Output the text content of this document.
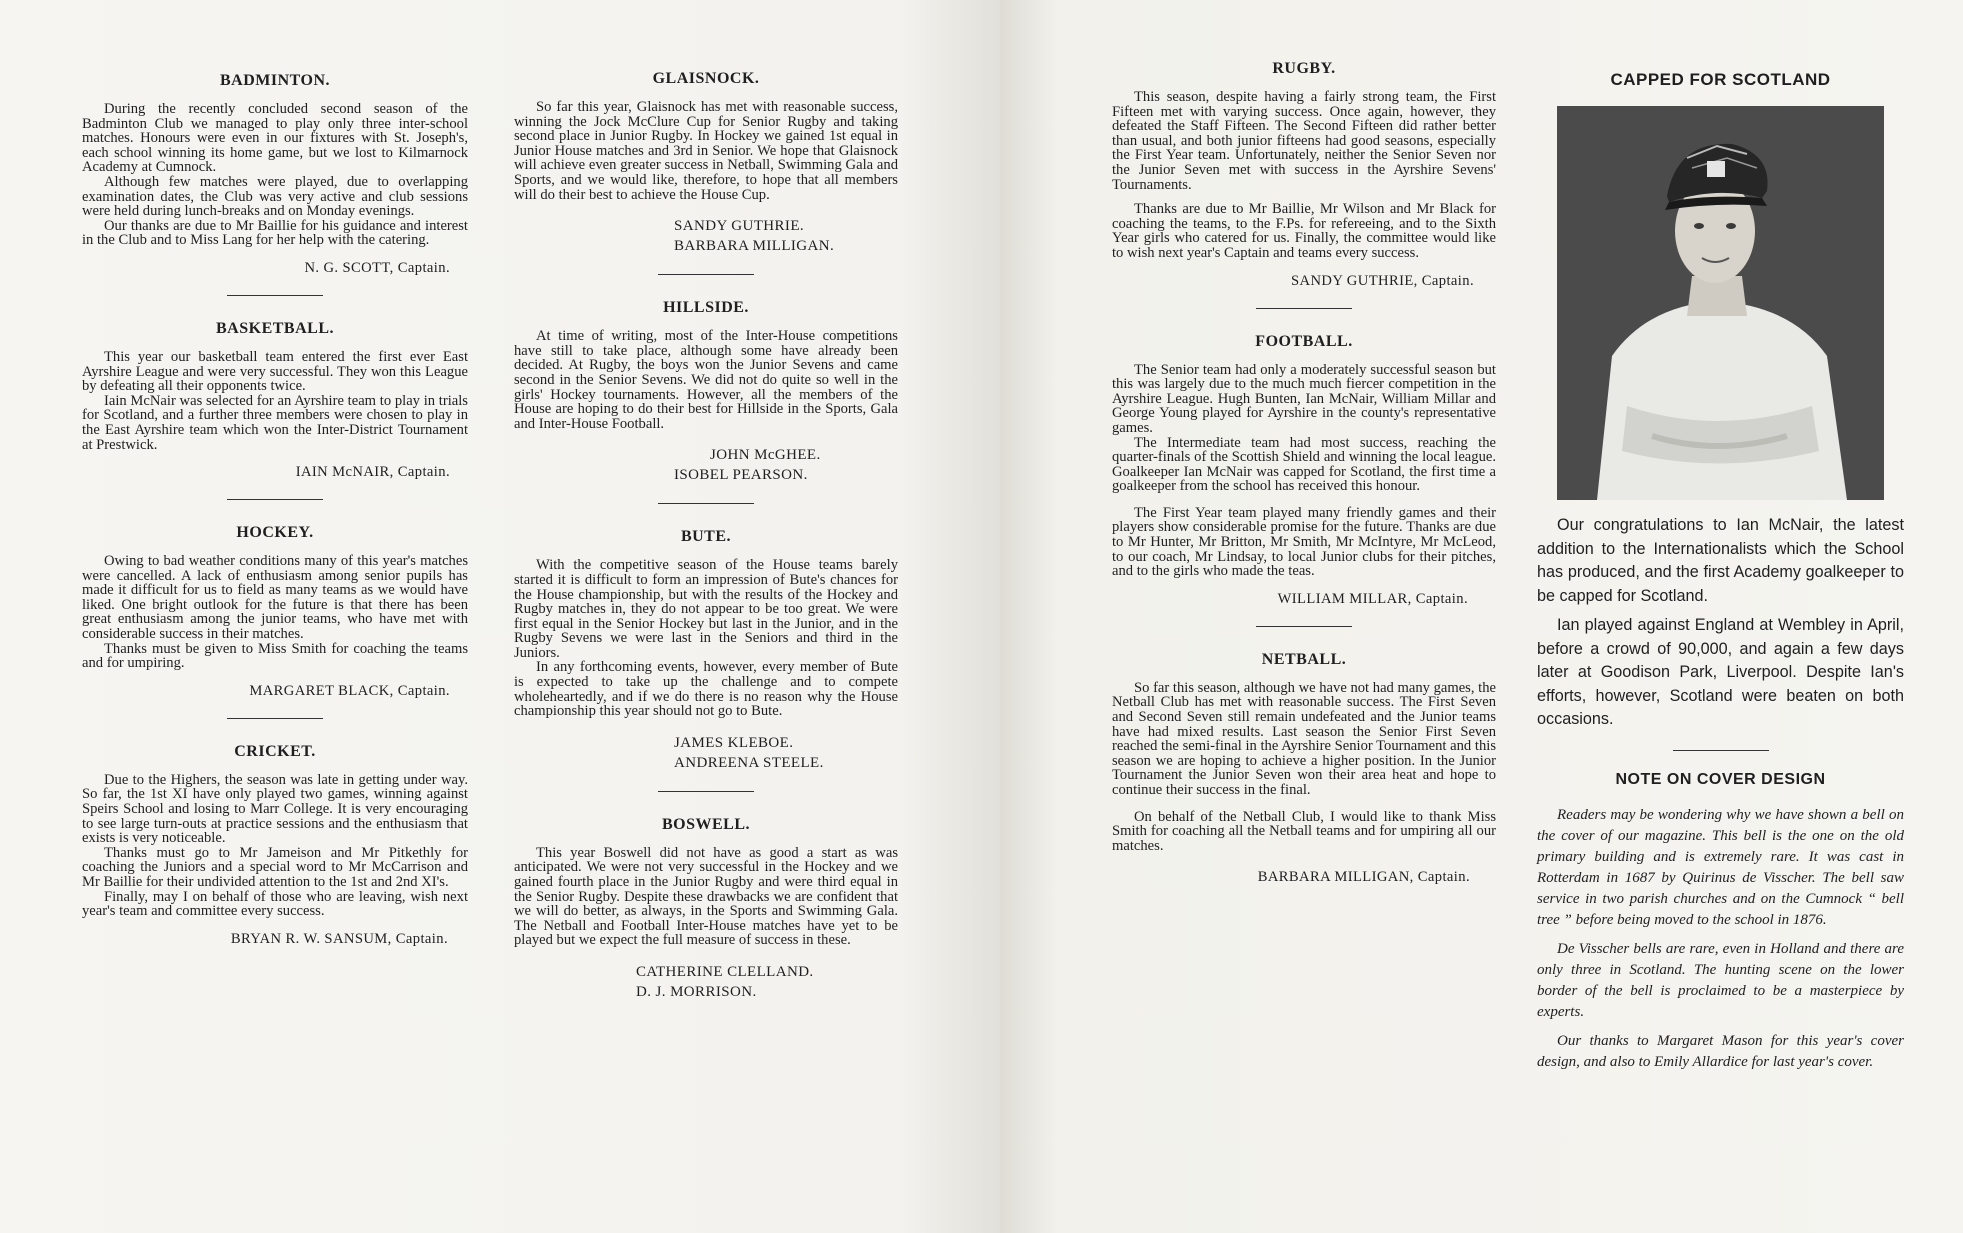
BADMINTON.

During the recently concluded second season of the Badminton Club we managed to play only three inter-school matches. Honours were even in our fixtures with St. Joseph's, each school winning its home game, but we lost to Kilmarnock Academy at Cumnock.

Although few matches were played, due to overlapping examination dates, the Club was very active and club sessions were held during lunch-breaks and on Monday evenings.

Our thanks are due to Mr Baillie for his guidance and interest in the Club and to Miss Lang for her help with the catering.

N. G. SCOTT, Captain.
BASKETBALL.

This year our basketball team entered the first ever East Ayrshire League and were very successful. They won this League by defeating all their opponents twice.

Iain McNair was selected for an Ayrshire team to play in trials for Scotland, and a further three members were chosen to play in the East Ayrshire team which won the Inter-District Tournament at Prestwick.

IAIN McNAIR, Captain.
HOCKEY.

Owing to bad weather conditions many of this year's matches were cancelled. A lack of enthusiasm among senior pupils has made it difficult for us to field as many teams as we would have liked. One bright outlook for the future is that there has been great enthusiasm among the junior teams, who have met with considerable success in their matches.

Thanks must be given to Miss Smith for coaching the teams and for umpiring.

MARGARET BLACK, Captain.
CRICKET.

Due to the Highers, the season was late in getting under way. So far, the 1st XI have only played two games, winning against Speirs School and losing to Marr College. It is very encouraging to see large turn-outs at practice sessions and the enthusiasm that exists is very noticeable.

Thanks must go to Mr Jameison and Mr Pitkethly for coaching the Juniors and a special word to Mr McCarrison and Mr Baillie for their undivided attention to the 1st and 2nd XI's.

Finally, may I on behalf of those who are leaving, wish next year's team and committee every success.

BRYAN R. W. SANSUM, Captain.
GLAISNOCK.

So far this year, Glaisnock has met with reasonable success, winning the Jock McClure Cup for Senior Rugby and taking second place in Junior Rugby. In Hockey we gained 1st equal in Junior House matches and 3rd in Senior. We hope that Glaisnock will achieve even greater success in Netball, Swimming Gala and Sports, and we would like, therefore, to hope that all members will do their best to achieve the House Cup.

SANDY GUTHRIE.
BARBARA MILLIGAN.
HILLSIDE.

At time of writing, most of the Inter-House competitions have still to take place, although some have already been decided. At Rugby, the boys won the Junior Sevens and came second in the Senior Sevens. We did not do quite so well in the girls' Hockey tournaments. However, all the members of the House are hoping to do their best for Hillside in the Sports, Gala and Inter-House Football.

JOHN McGHEE.
ISOBEL PEARSON.
BUTE.

With the competitive season of the House teams barely started it is difficult to form an impression of Bute's chances for the House championship, but with the results of the Hockey and Rugby matches in, they do not appear to be too great. We were first equal in the Senior Hockey but last in the Junior, and in the Rugby Sevens we were last in the Seniors and third in the Juniors.

In any forthcoming events, however, every member of Bute is expected to take up the challenge and to compete wholeheartedly, and if we do there is no reason why the House championship this year should not go to Bute.

JAMES KLEBOE.
ANDREENA STEELE.
BOSWELL.

This year Boswell did not have as good a start as was anticipated. We were not very successful in the Hockey and we gained fourth place in the Junior Rugby and were third equal in the Senior Rugby. Despite these drawbacks we are confident that we will do better, as always, in the Sports and Swimming Gala. The Netball and Football Inter-House matches have yet to be played but we expect the full measure of success in these.

CATHERINE CLELLAND.
D. J. MORRISON.
RUGBY.

This season, despite having a fairly strong team, the First Fifteen met with varying success. Once again, however, they defeated the Staff Fifteen. The Second Fifteen did rather better than usual, and both junior fifteens had good seasons, especially the First Year team. Unfortunately, neither the Senior Seven nor the Junior Seven met with success in the Ayrshire Sevens' Tournaments.

Thanks are due to Mr Baillie, Mr Wilson and Mr Black for coaching the teams, to the F.Ps. for refereeing, and to the Sixth Year girls who catered for us. Finally, the committee would like to wish next year's Captain and teams every success.

SANDY GUTHRIE, Captain.
FOOTBALL.

The Senior team had only a moderately successful season but this was largely due to the much much fiercer competition in the Ayrshire League. Hugh Bunten, Ian McNair, William Millar and George Young played for Ayrshire in the county's representative games.

The Intermediate team had most success, reaching the quarter-finals of the Scottish Shield and winning the local league. Goalkeeper Ian McNair was capped for Scotland, the first time a goalkeeper from the school has received this honour.

The First Year team played many friendly games and their players show considerable promise for the future. Thanks are due to Mr Hunter, Mr Britton, Mr Smith, Mr McIntyre, Mr McLeod, to our coach, Mr Lindsay, to local Junior clubs for their pitches, and to the girls who made the teas.

WILLIAM MILLAR, Captain.
NETBALL.

So far this season, although we have not had many games, the Netball Club has met with reasonable success. The First Seven and Second Seven still remain undefeated and the Junior teams have had mixed results. Last season the Senior First Seven reached the semi-final in the Ayrshire Senior Tournament and this season we are hoping to achieve a higher position. In the Junior Tournament the Junior Seven won their area heat and hope to continue their success in the final.

On behalf of the Netball Club, I would like to thank Miss Smith for coaching all the Netball teams and for umpiring all our matches.

BARBARA MILLIGAN, Captain.
CAPPED FOR SCOTLAND

Our congratulations to Ian McNair, the latest addition to the Internationalists which the School has produced, and the first Academy goalkeeper to be capped for Scotland.

Ian played against England at Wembley in April, before a crowd of 90,000, and again a few days later at Goodison Park, Liverpool. Despite Ian's efforts, however, Scotland were beaten on both occasions.

NOTE ON COVER DESIGN

Readers may be wondering why we have shown a bell on the cover of our magazine. This bell is the one on the old primary building and is extremely rare. It was cast in Rotterdam in 1687 by Quirinus de Visscher. The bell saw service in two parish churches and on the Cumnock “ bell tree ” before being moved to the school in 1876.

De Visscher bells are rare, even in Holland and there are only three in Scotland. The hunting scene on the lower border of the bell is proclaimed to be a masterpiece by experts.

Our thanks to Margaret Mason for this year's cover design, and also to Emily Allardice for last year's cover.
